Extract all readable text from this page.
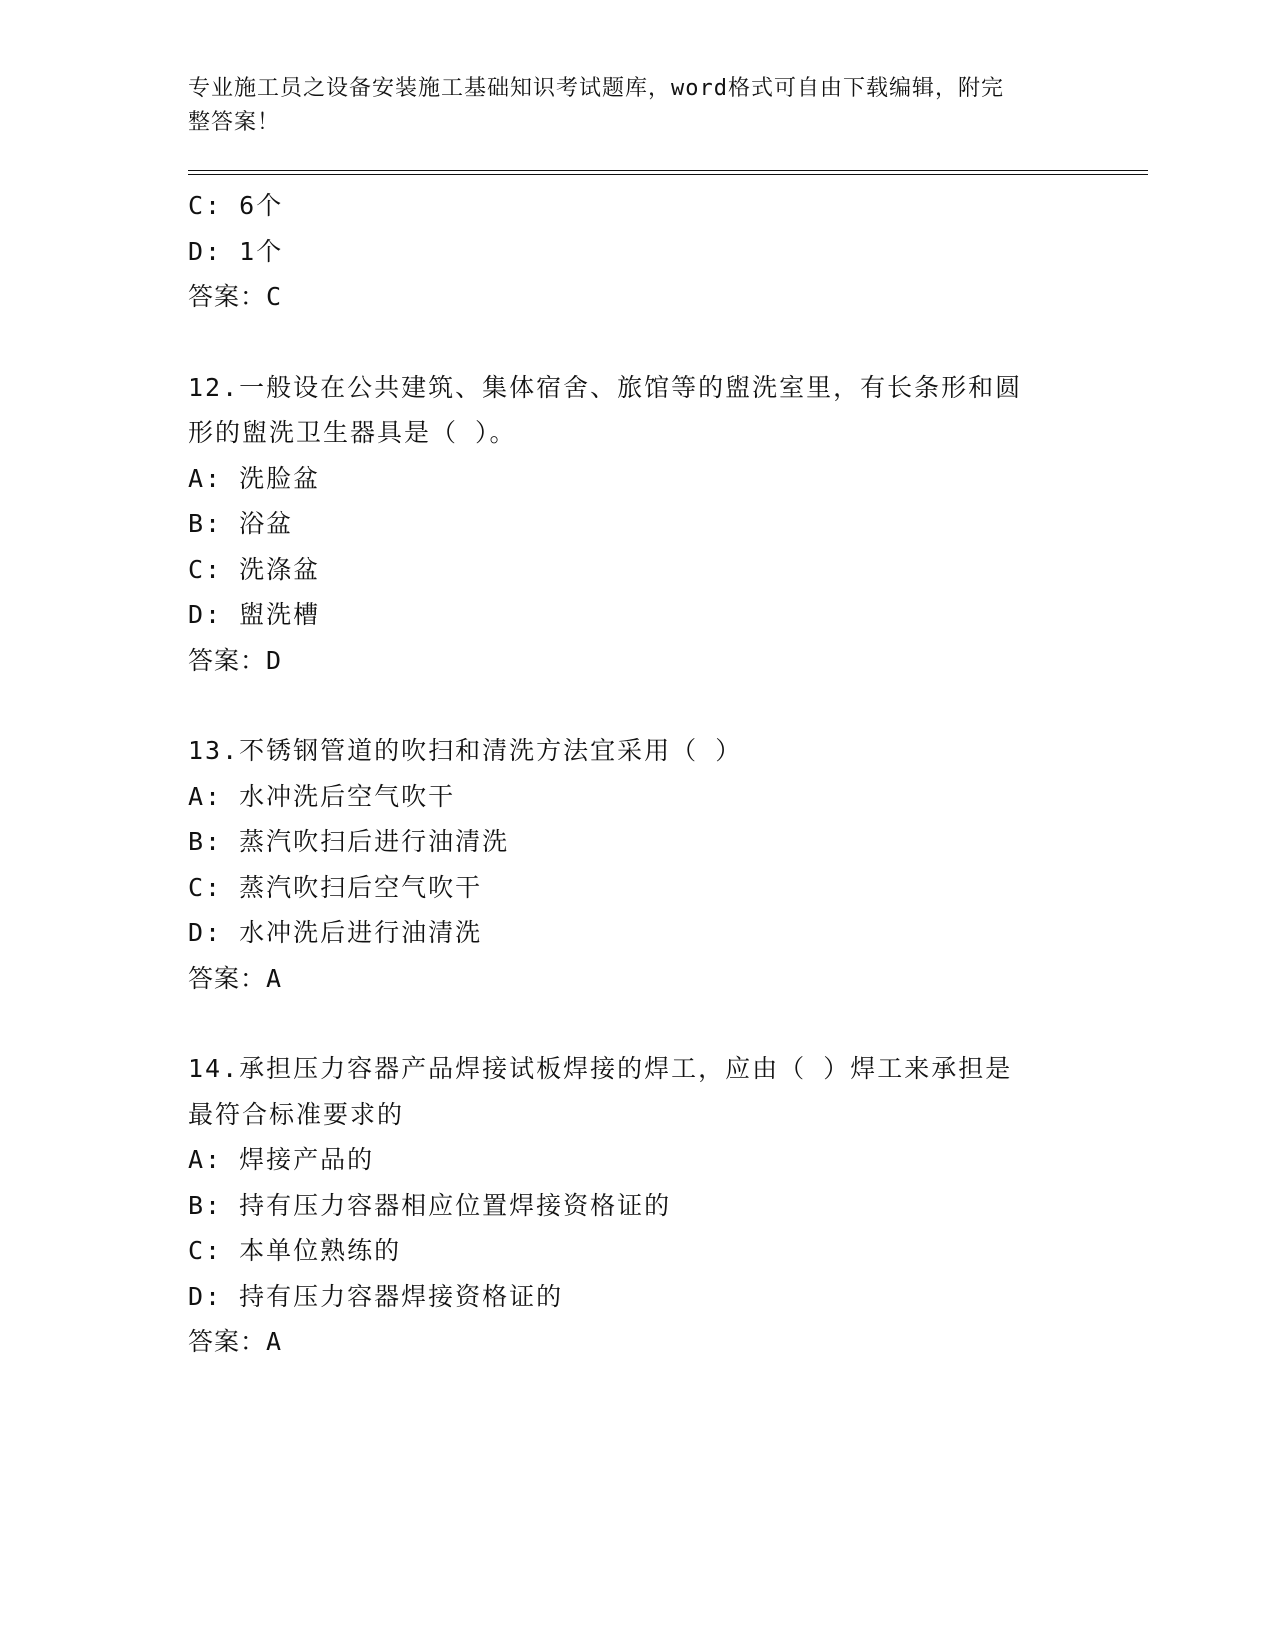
专业施工员之设备安装施工基础知识考试题库，word格式可自由下载编辑，附完
整答案！
C: 6个
D: 1个
答案：C
12.一般设在公共建筑、集体宿舍、旅馆等的盥洗室里，有长条形和圆
形的盥洗卫生器具是（ ）。
A: 洗脸盆
B: 浴盆
C: 洗涤盆
D: 盥洗槽
答案：D
13.不锈钢管道的吹扫和清洗方法宜采用（ ）
A: 水冲洗后空气吹干
B: 蒸汽吹扫后进行油清洗
C: 蒸汽吹扫后空气吹干
D: 水冲洗后进行油清洗
答案：A
14.承担压力容器产品焊接试板焊接的焊工，应由（ ）焊工来承担是
最符合标准要求的
A: 焊接产品的
B: 持有压力容器相应位置焊接资格证的
C: 本单位熟练的
D: 持有压力容器焊接资格证的
答案：A
